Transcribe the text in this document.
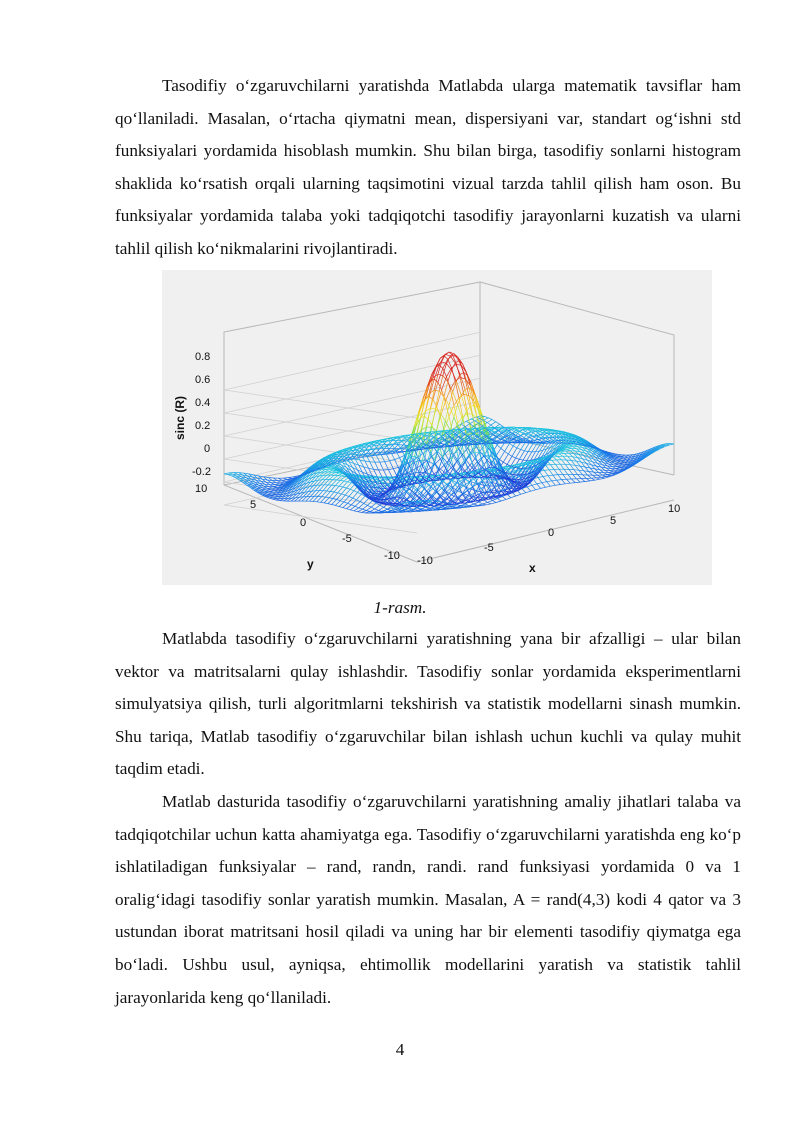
Tasodifiy o‘zgaruvchilarni yaratishda Matlabda ularga matematik tavsiflar ham qo‘llaniladi. Masalan, o‘rtacha qiymatni mean, dispersiyani var, standart og‘ishni std funksiyalari yordamida hisoblash mumkin. Shu bilan birga, tasodifiy sonlarni histogram shaklida ko‘rsatish orqali ularning taqsimotini vizual tarzda tahlil qilish ham oson. Bu funksiyalar yordamida talaba yoki tadqiqotchi tasodifiy jarayonlarni kuzatish va ularni tahlil qilish ko‘nikmalarini rivojlantiradi.

0.8
0.6
0.4
0.2
0
-0.2
10
5
0
-5
-10 -10
-5
0
5
10
sinc (R)
y	x
1-rasm.

Matlabda tasodifiy o‘zgaruvchilarni yaratishning yana bir afzalligi – ular bilan vektor va matritsalarni qulay ishlashdir. Tasodifiy sonlar yordamida eksperimentlarni simulyatsiya qilish, turli algoritmlarni tekshirish va statistik modellarni sinash mumkin. Shu tariqa, Matlab tasodifiy o‘zgaruvchilar bilan ishlash uchun kuchli va qulay muhit taqdim etadi.

Matlab dasturida tasodifiy o‘zgaruvchilarni yaratishning amaliy jihatlari talaba va tadqiqotchilar uchun katta ahamiyatga ega. Tasodifiy o‘zgaruvchilarni yaratishda eng ko‘p ishlatiladigan funksiyalar – rand, randn, randi. rand funksiyasi yordamida 0 va 1 oralig‘idagi tasodifiy sonlar yaratish mumkin. Masalan, A = rand(4,3) kodi 4 qator va 3 ustundan iborat matritsani hosil qiladi va uning har bir elementi tasodifiy qiymatga ega bo‘ladi. Ushbu usul, ayniqsa, ehtimollik modellarini yaratish va statistik tahlil jarayonlarida keng qo‘llaniladi.

4
